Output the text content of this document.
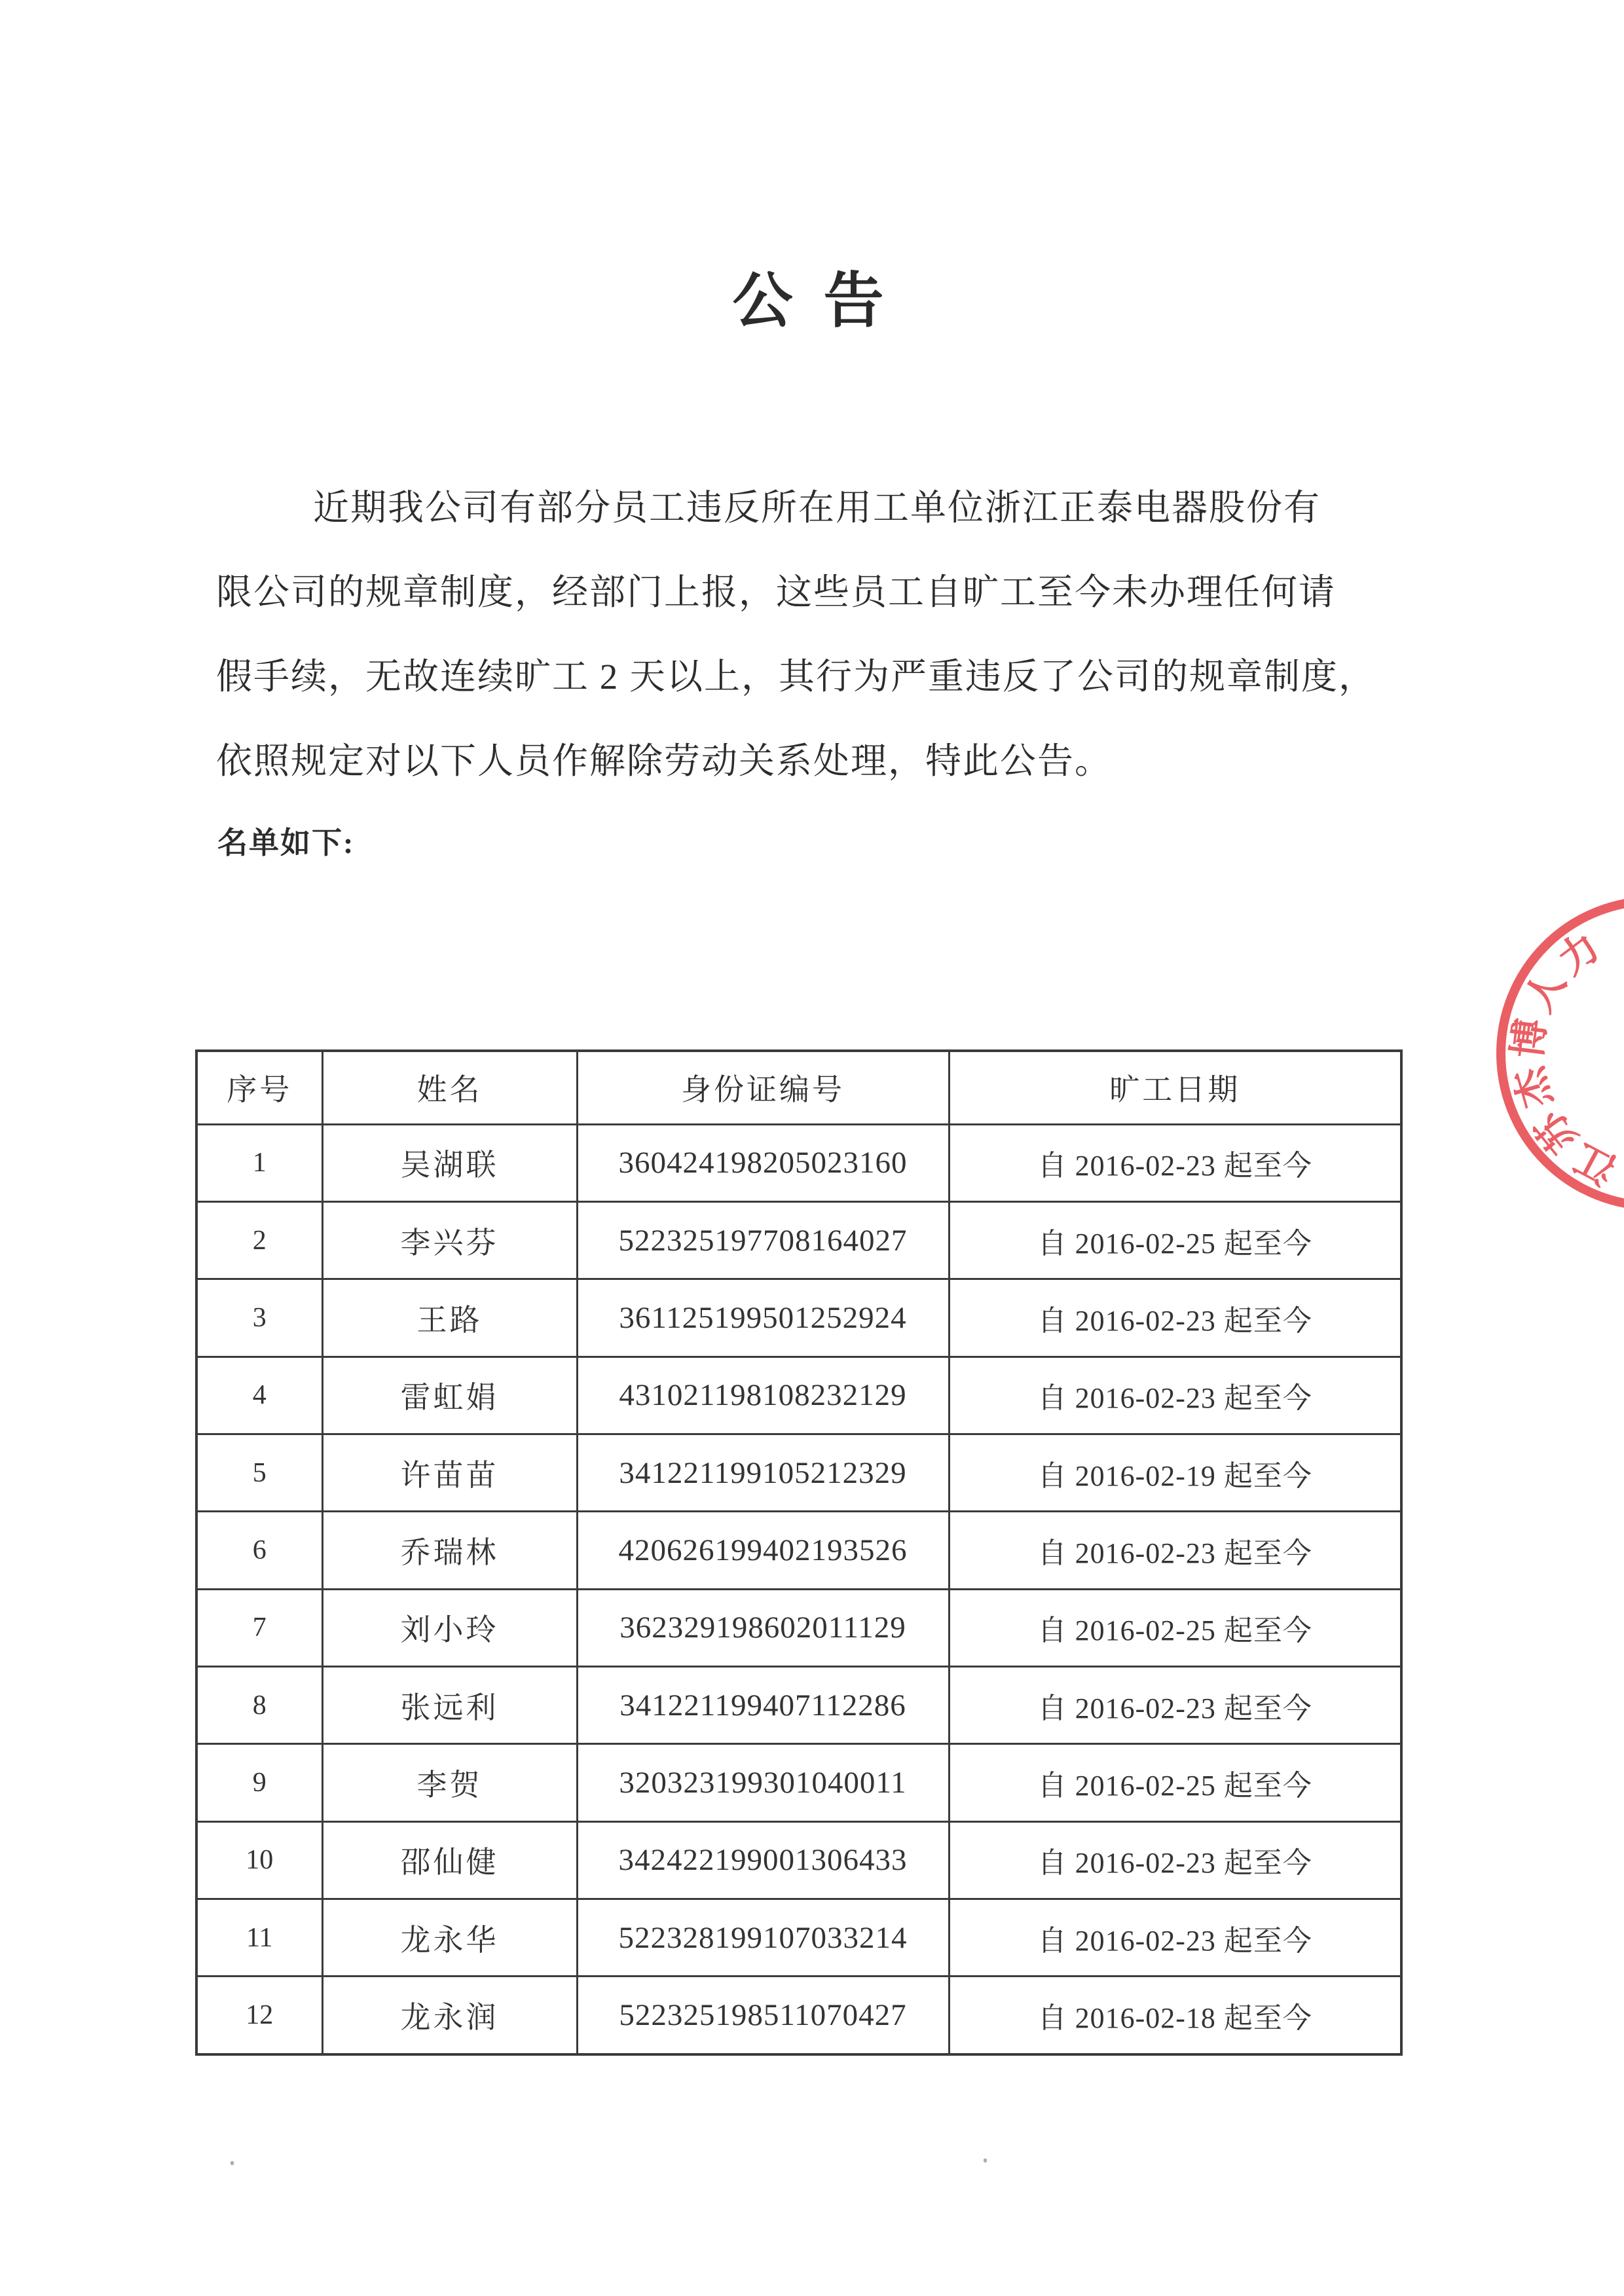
公 告
近期我公司有部分员工违反所在用工单位浙江正泰电器股份有
限公司的规章制度，经部门上报，这些员工自旷工至今未办理任何请
假手续，无故连续旷工 2 天以上，其行为严重违反了公司的规章制度，
依照规定对以下人员作解除劳动关系处理，特此公告。
名单如下:
序号	姓名	身份证编号	旷工日期
1	吴湖联	360424198205023160	自 2016-02-23 起至今
2	李兴芬	522325197708164027	自 2016-02-25 起至今
3	王路	361125199501252924	自 2016-02-23 起至今
4	雷虹娟	431021198108232129	自 2016-02-23 起至今
5	许苗苗	341221199105212329	自 2016-02-19 起至今
6	乔瑞林	420626199402193526	自 2016-02-23 起至今
7	刘小玲	362329198602011129	自 2016-02-25 起至今
8	张远利	341221199407112286	自 2016-02-23 起至今
9	李贺	320323199301040011	自 2016-02-25 起至今
10	邵仙健	342422199001306433	自 2016-02-23 起至今
11	龙永华	522328199107033214	自 2016-02-23 起至今
12	龙永润	522325198511070427	自 2016-02-18 起至今
江
苏
杰
博
人
力
